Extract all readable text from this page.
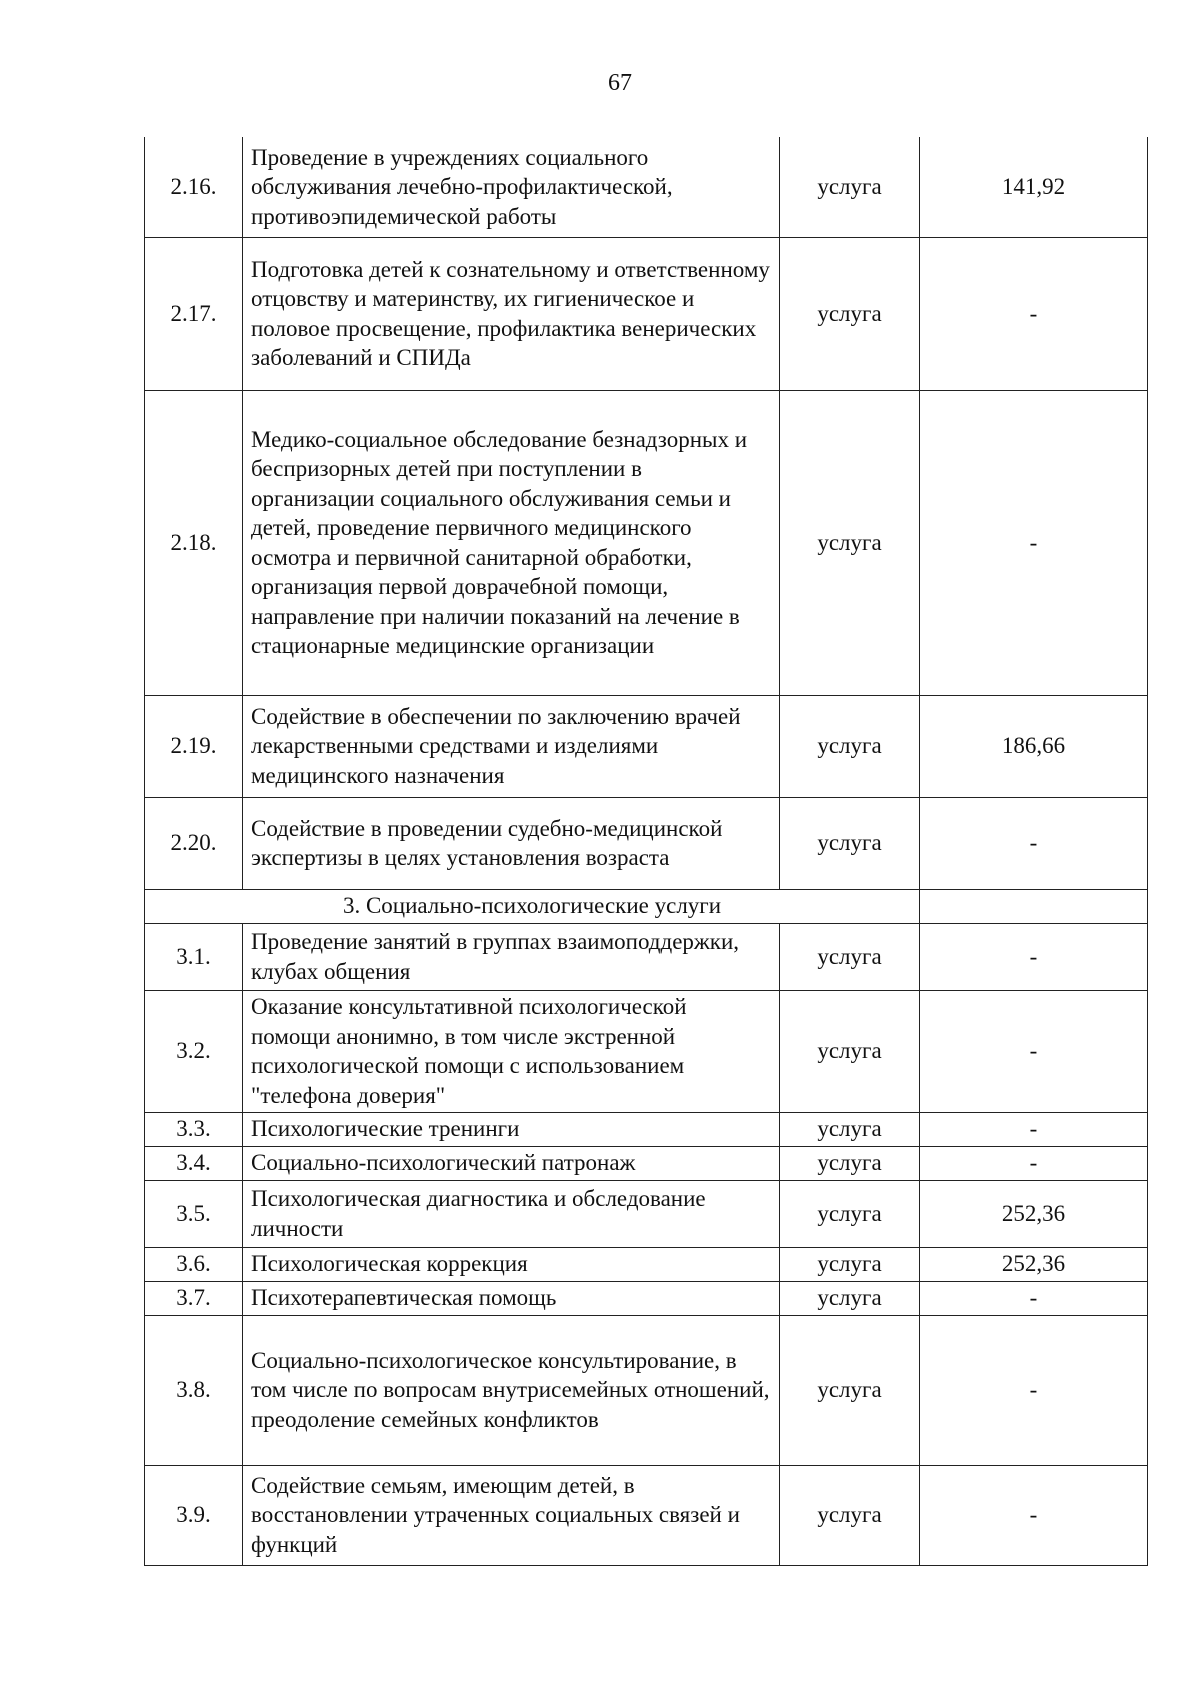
67
2.16.	Проведение в учреждениях социального обслуживания лечебно-профилактической, противоэпидемической работы	услуга	141,92
2.17.	Подготовка детей к сознательному и ответственному отцовству и материнству, их гигиеническое и половое просвещение, профилактика венерических заболеваний и СПИДа	услуга	-
2.18.	Медико-социальное обследование безнадзорных и беспризорных детей при поступлении в организации социального обслуживания семьи и детей, проведение первичного медицинского осмотра и первичной санитарной обработки, организация первой доврачебной помощи, направление при наличии показаний на лечение в стационарные медицинские организации	услуга	-
2.19.	Содействие в обеспечении по заключению врачей лекарственными средствами и изделиями медицинского назначения	услуга	186,66
2.20.	Содействие в проведении судебно-медицинской экспертизы в целях установления возраста	услуга	-
3. Социально-психологические услуги			
3.1.	Проведение занятий в группах взаимоподдержки, клубах общения	услуга	-
3.2.	Оказание консультативной психологической помощи анонимно, в том числе экстренной психологической помощи с использованием "телефона доверия"	услуга	-
3.3.	Психологические тренинги	услуга	-
3.4.	Социально-психологический патронаж	услуга	-
3.5.	Психологическая диагностика и обследование личности	услуга	252,36
3.6.	Психологическая коррекция	услуга	252,36
3.7.	Психотерапевтическая помощь	услуга	-
3.8.	Социально-психологическое консультирование, в том числе по вопросам внутрисемейных отношений, преодоление семейных конфликтов	услуга	-
3.9.	Содействие семьям, имеющим детей, в восстановлении утраченных социальных связей и функций	услуга	-
